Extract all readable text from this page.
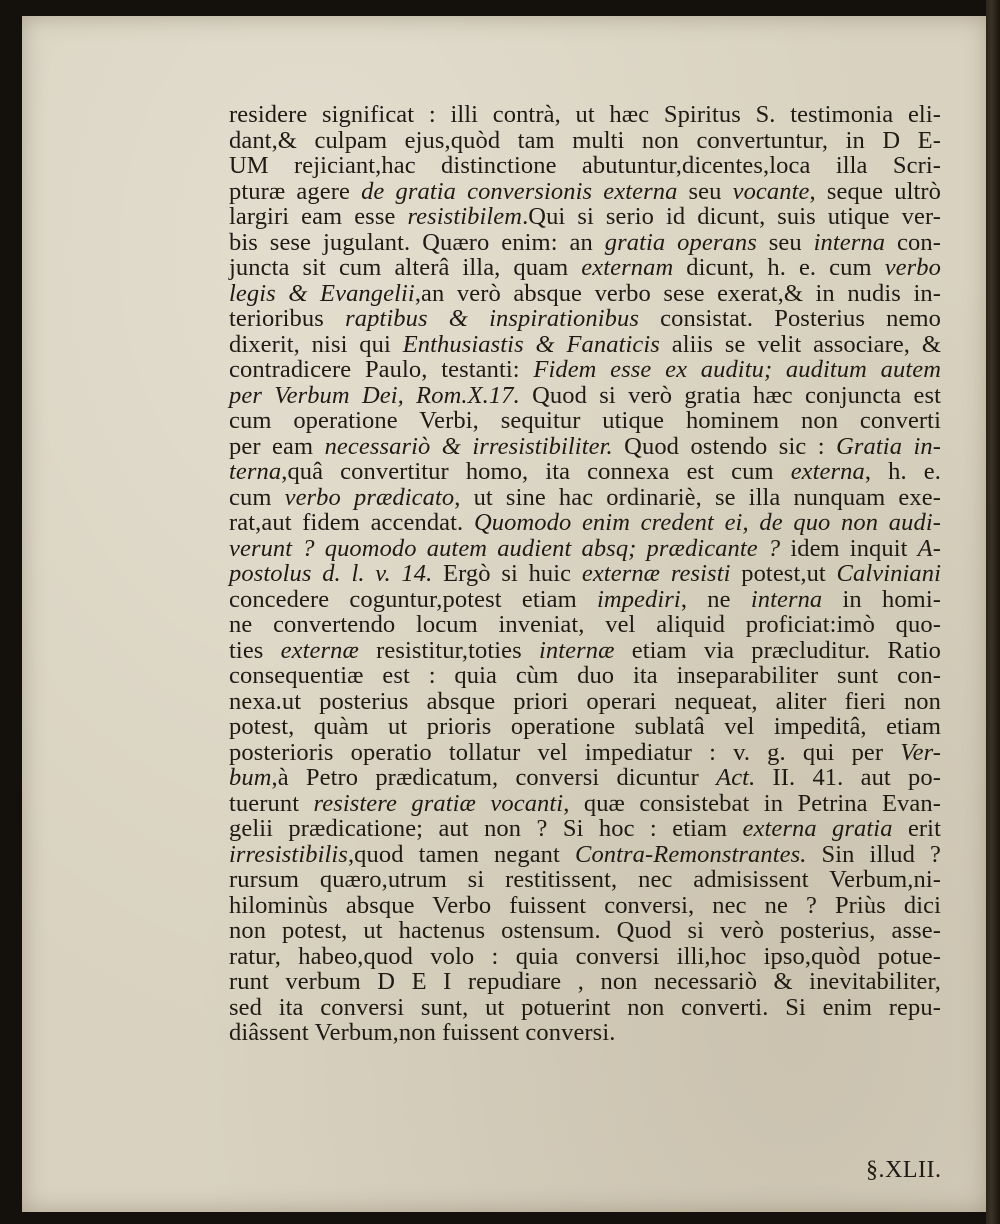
residere significat : illi contrà, ut hæc Spiritus S. testimonia eli-
dant,& culpam ejus,quòd tam multi non convertuntur, in D E-
UM rejiciant,hac distinctione abutuntur,dicentes,loca illa Scri-
pturæ agere de gratia conversionis externa seu vocante, seque ultrò
largiri eam esse resistibilem.Qui si serio id dicunt, suis utique ver-
bis sese jugulant. Quæro enim: an gratia operans seu interna con-
juncta sit cum alterâ illa, quam externam dicunt, h. e. cum verbo
legis & Evangelii,an verò absque verbo sese exerat,& in nudis in-
terioribus raptibus & inspirationibus consistat. Posterius nemo
dixerit, nisi qui Enthusiastis & Fanaticis aliis se velit associare, &
contradicere Paulo, testanti: Fidem esse ex auditu; auditum autem
per Verbum Dei, Rom.X.17. Quod si verò gratia hæc conjuncta est
cum operatione Verbi, sequitur utique hominem non converti
per eam necessariò & irresistibiliter. Quod ostendo sic : Gratia in-
terna,quâ convertitur homo, ita connexa est cum externa, h. e.
cum verbo prædicato, ut sine hac ordinariè, se illa nunquam exe-
rat,aut fidem accendat. Quomodo enim credent ei, de quo non audi-
verunt ? quomodo autem audient absq; prædicante ? idem inquit A-
postolus d. l. v. 14. Ergò si huic externæ resisti potest,ut Calviniani
concedere coguntur,potest etiam impediri, ne interna in homi-
ne convertendo locum inveniat, vel aliquid proficiat:imò quo-
ties externæ resistitur,toties internæ etiam via præcluditur. Ratio
consequentiæ est : quia cùm duo ita inseparabiliter sunt con-
nexa.ut posterius absque priori operari nequeat, aliter fieri non
potest, quàm ut prioris operatione sublatâ vel impeditâ, etiam
posterioris operatio tollatur vel impediatur : v. g. qui per Ver-
bum,à Petro prædicatum, conversi dicuntur Act. II. 41. aut po-
tuerunt resistere gratiæ vocanti, quæ consistebat in Petrina Evan-
gelii prædicatione; aut non ? Si hoc : etiam externa gratia erit
irresistibilis,quod tamen negant Contra-Remonstrantes. Sin illud ?
rursum quæro,utrum si restitissent, nec admisissent Verbum,ni-
hilominùs absque Verbo fuissent conversi, nec ne ? Priùs dici
non potest, ut hactenus ostensum. Quod si verò posterius, asse-
ratur, habeo,quod volo : quia conversi illi,hoc ipso,quòd potue-
runt verbum D E I repudiare , non necessariò & inevitabiliter,
sed ita conversi sunt, ut potuerint non converti. Si enim repu-
diâssent Verbum,non fuissent conversi.
§.XLII.
